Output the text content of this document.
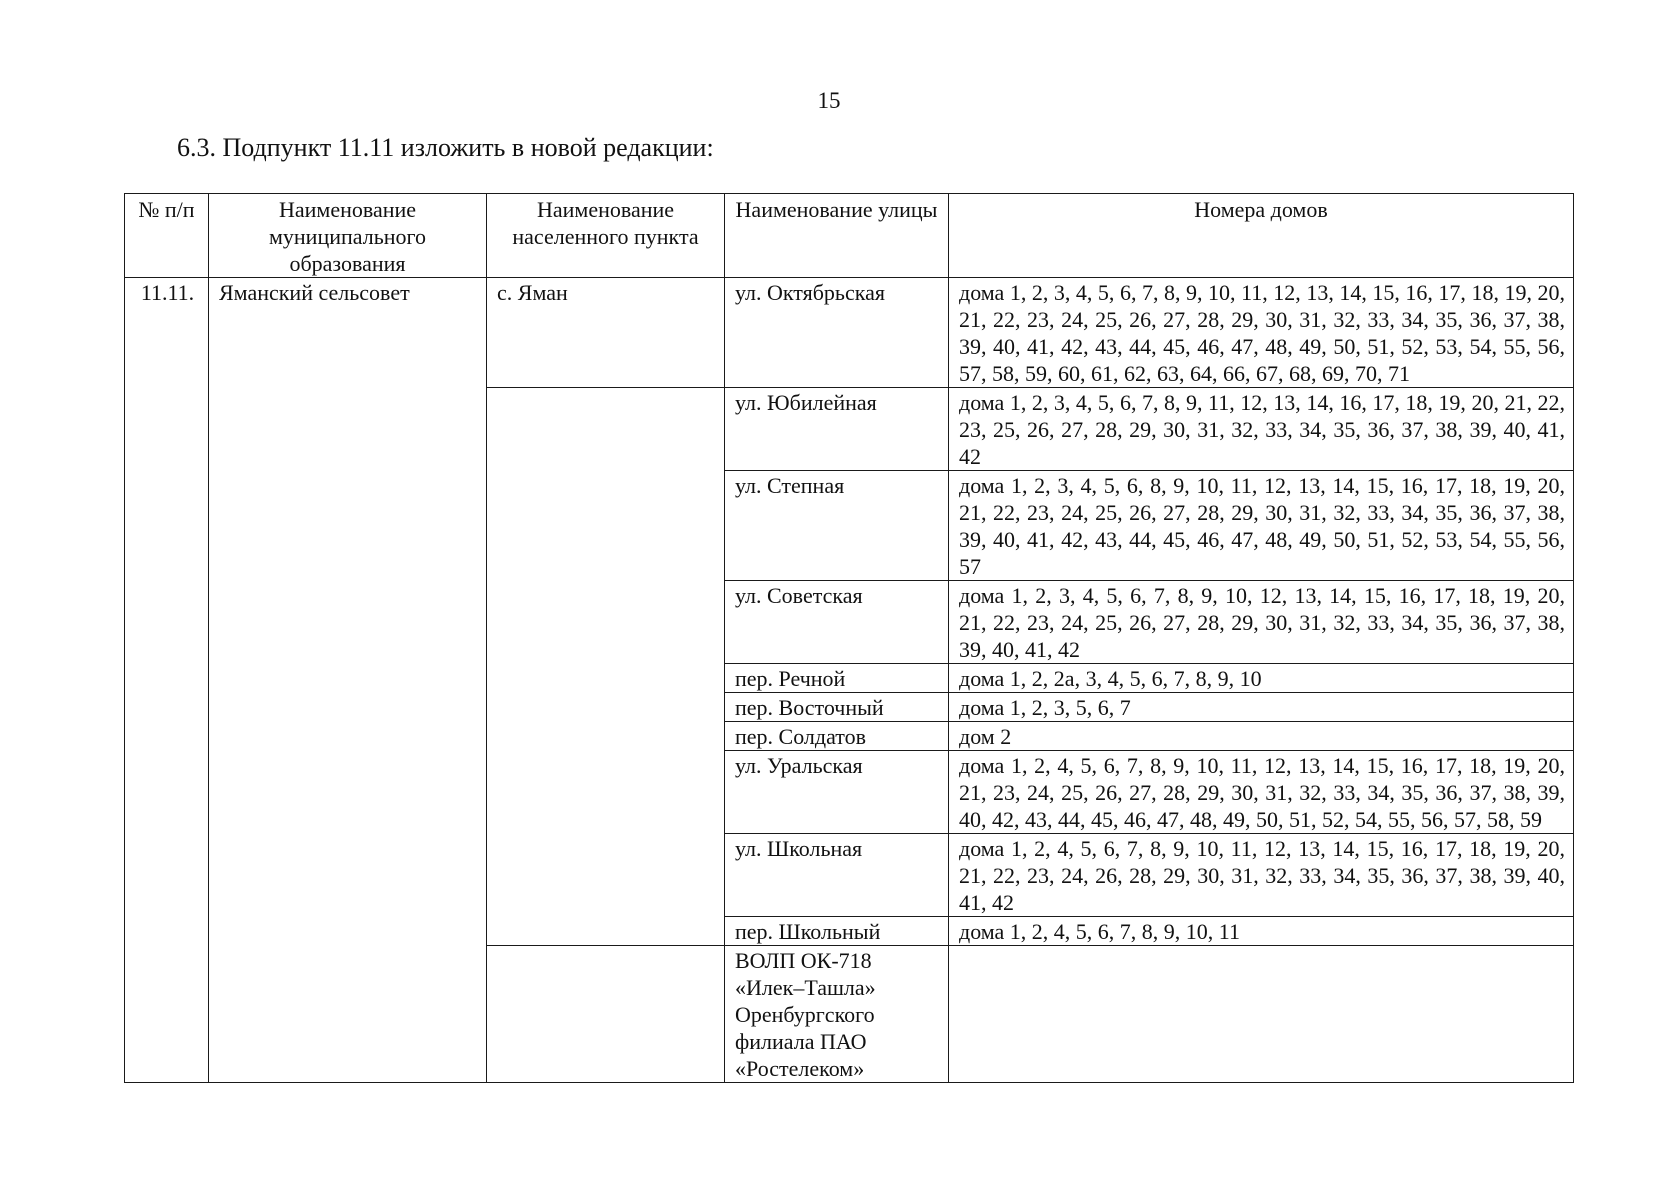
15
6.3. Подпункт 11.11 изложить в новой редакции:
№ п/п	Наименование муниципального образования	Наименование населенного пункта	Наименование улицы	Номера домов
11.11.	Яманский сельсовет	с. Яман	ул. Октябрьская	дома 1, 2, 3, 4, 5, 6, 7, 8, 9, 10, 11, 12, 13, 14, 15, 16, 17, 18, 19, 20, 21, 22, 23, 24, 25, 26, 27, 28, 29, 30, 31, 32, 33, 34, 35, 36, 37, 38, 39, 40, 41, 42, 43, 44, 45, 46, 47, 48, 49, 50, 51, 52, 53, 54, 55, 56, 57, 58, 59, 60, 61, 62, 63, 64, 66, 67, 68, 69, 70, 71
			ул. Юбилейная	дома 1, 2, 3, 4, 5, 6, 7, 8, 9, 11, 12, 13, 14, 16, 17, 18, 19, 20, 21, 22, 23, 25, 26, 27, 28, 29, 30, 31, 32, 33, 34, 35, 36, 37, 38, 39, 40, 41, 42
			ул. Степная	дома 1, 2, 3, 4, 5, 6, 8, 9, 10, 11, 12, 13, 14, 15, 16, 17, 18, 19, 20, 21, 22, 23, 24, 25, 26, 27, 28, 29, 30, 31, 32, 33, 34, 35, 36, 37, 38, 39, 40, 41, 42, 43, 44, 45, 46, 47, 48, 49, 50, 51, 52, 53, 54, 55, 56, 57
			ул. Советская	дома 1, 2, 3, 4, 5, 6, 7, 8, 9, 10, 12, 13, 14, 15, 16, 17, 18, 19, 20, 21, 22, 23, 24, 25, 26, 27, 28, 29, 30, 31, 32, 33, 34, 35, 36, 37, 38, 39, 40, 41, 42
			пер. Речной	дома 1, 2, 2а, 3, 4, 5, 6, 7, 8, 9, 10
			пер. Восточный	дома 1, 2, 3, 5, 6, 7
			пер. Солдатов	дом 2
			ул. Уральская	дома 1, 2, 4, 5, 6, 7, 8, 9, 10, 11, 12, 13, 14, 15, 16, 17, 18, 19, 20, 21, 23, 24, 25, 26, 27, 28, 29, 30, 31, 32, 33, 34, 35, 36, 37, 38, 39, 40, 42, 43, 44, 45, 46, 47, 48, 49, 50, 51, 52, 54, 55, 56, 57, 58, 59
			ул. Школьная	дома 1, 2, 4, 5, 6, 7, 8, 9, 10, 11, 12, 13, 14, 15, 16, 17, 18, 19, 20, 21, 22, 23, 24, 26, 28, 29, 30, 31, 32, 33, 34, 35, 36, 37, 38, 39, 40, 41, 42
			пер. Школьный	дома 1, 2, 4, 5, 6, 7, 8, 9, 10, 11
			ВОЛП ОК-718 «Илек–Ташла» Оренбургского филиала ПАО «Ростелеком»	
